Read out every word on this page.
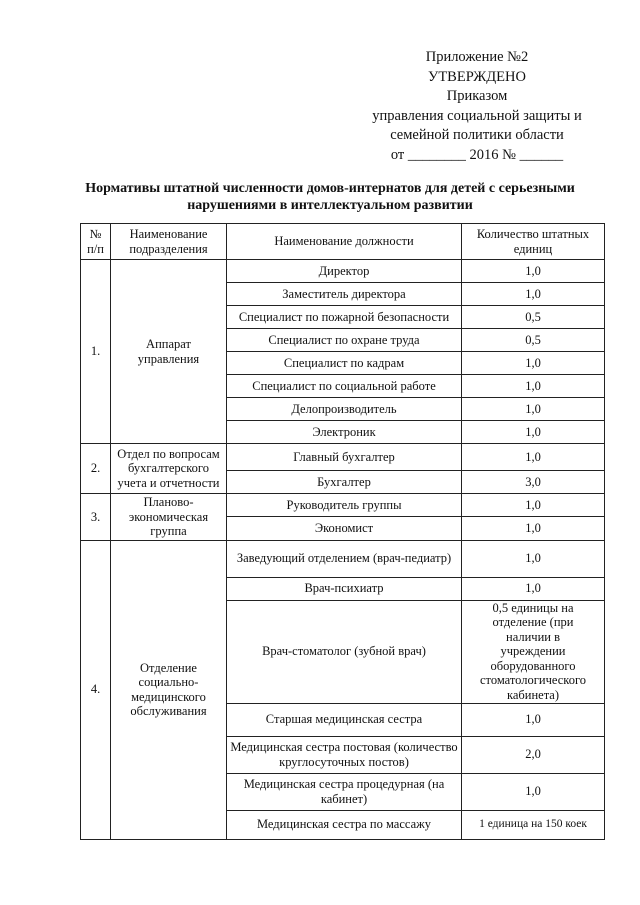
Приложение №2
УТВЕРЖДЕНО
Приказом
управления социальной защиты и
семейной политики области
от ________ 2016 № ______
Нормативы штатной численности домов-интернатов для детей с серьезными
нарушениями в интеллектуальном развитии
№ п/п	Наименование подразделения	Наименование должности	Количество штатных единиц
1.	Аппарат управления	Директор	1,0
		Заместитель директора	1,0
		Специалист по пожарной безопасности	0,5
		Специалист по охране труда	0,5
		Специалист по кадрам	1,0
		Специалист по социальной работе	1,0
		Делопроизводитель	1,0
		Электроник	1,0
2.	Отдел по вопросам бухгалтерского учета и отчетности	Главный бухгалтер	1,0
		Бухгалтер	3,0
3.	Планово-экономическая группа	Руководитель группы	1,0
		Экономист	1,0
4.	Отделение социально-медицинского обслуживания	Заведующий отделением (врач-педиатр)	1,0
		Врач-психиатр	1,0
		Врач-стоматолог (зубной врач)	0,5 единицы на отделение (при наличии в учреждении оборудованного стоматологического кабинета)
		Старшая медицинская сестра	1,0
		Медицинская сестра постовая (количество круглосуточных постов)	2,0
		Медицинская сестра процедурная (на кабинет)	1,0
		Медицинская сестра по массажу	1 единица на 150 коек
